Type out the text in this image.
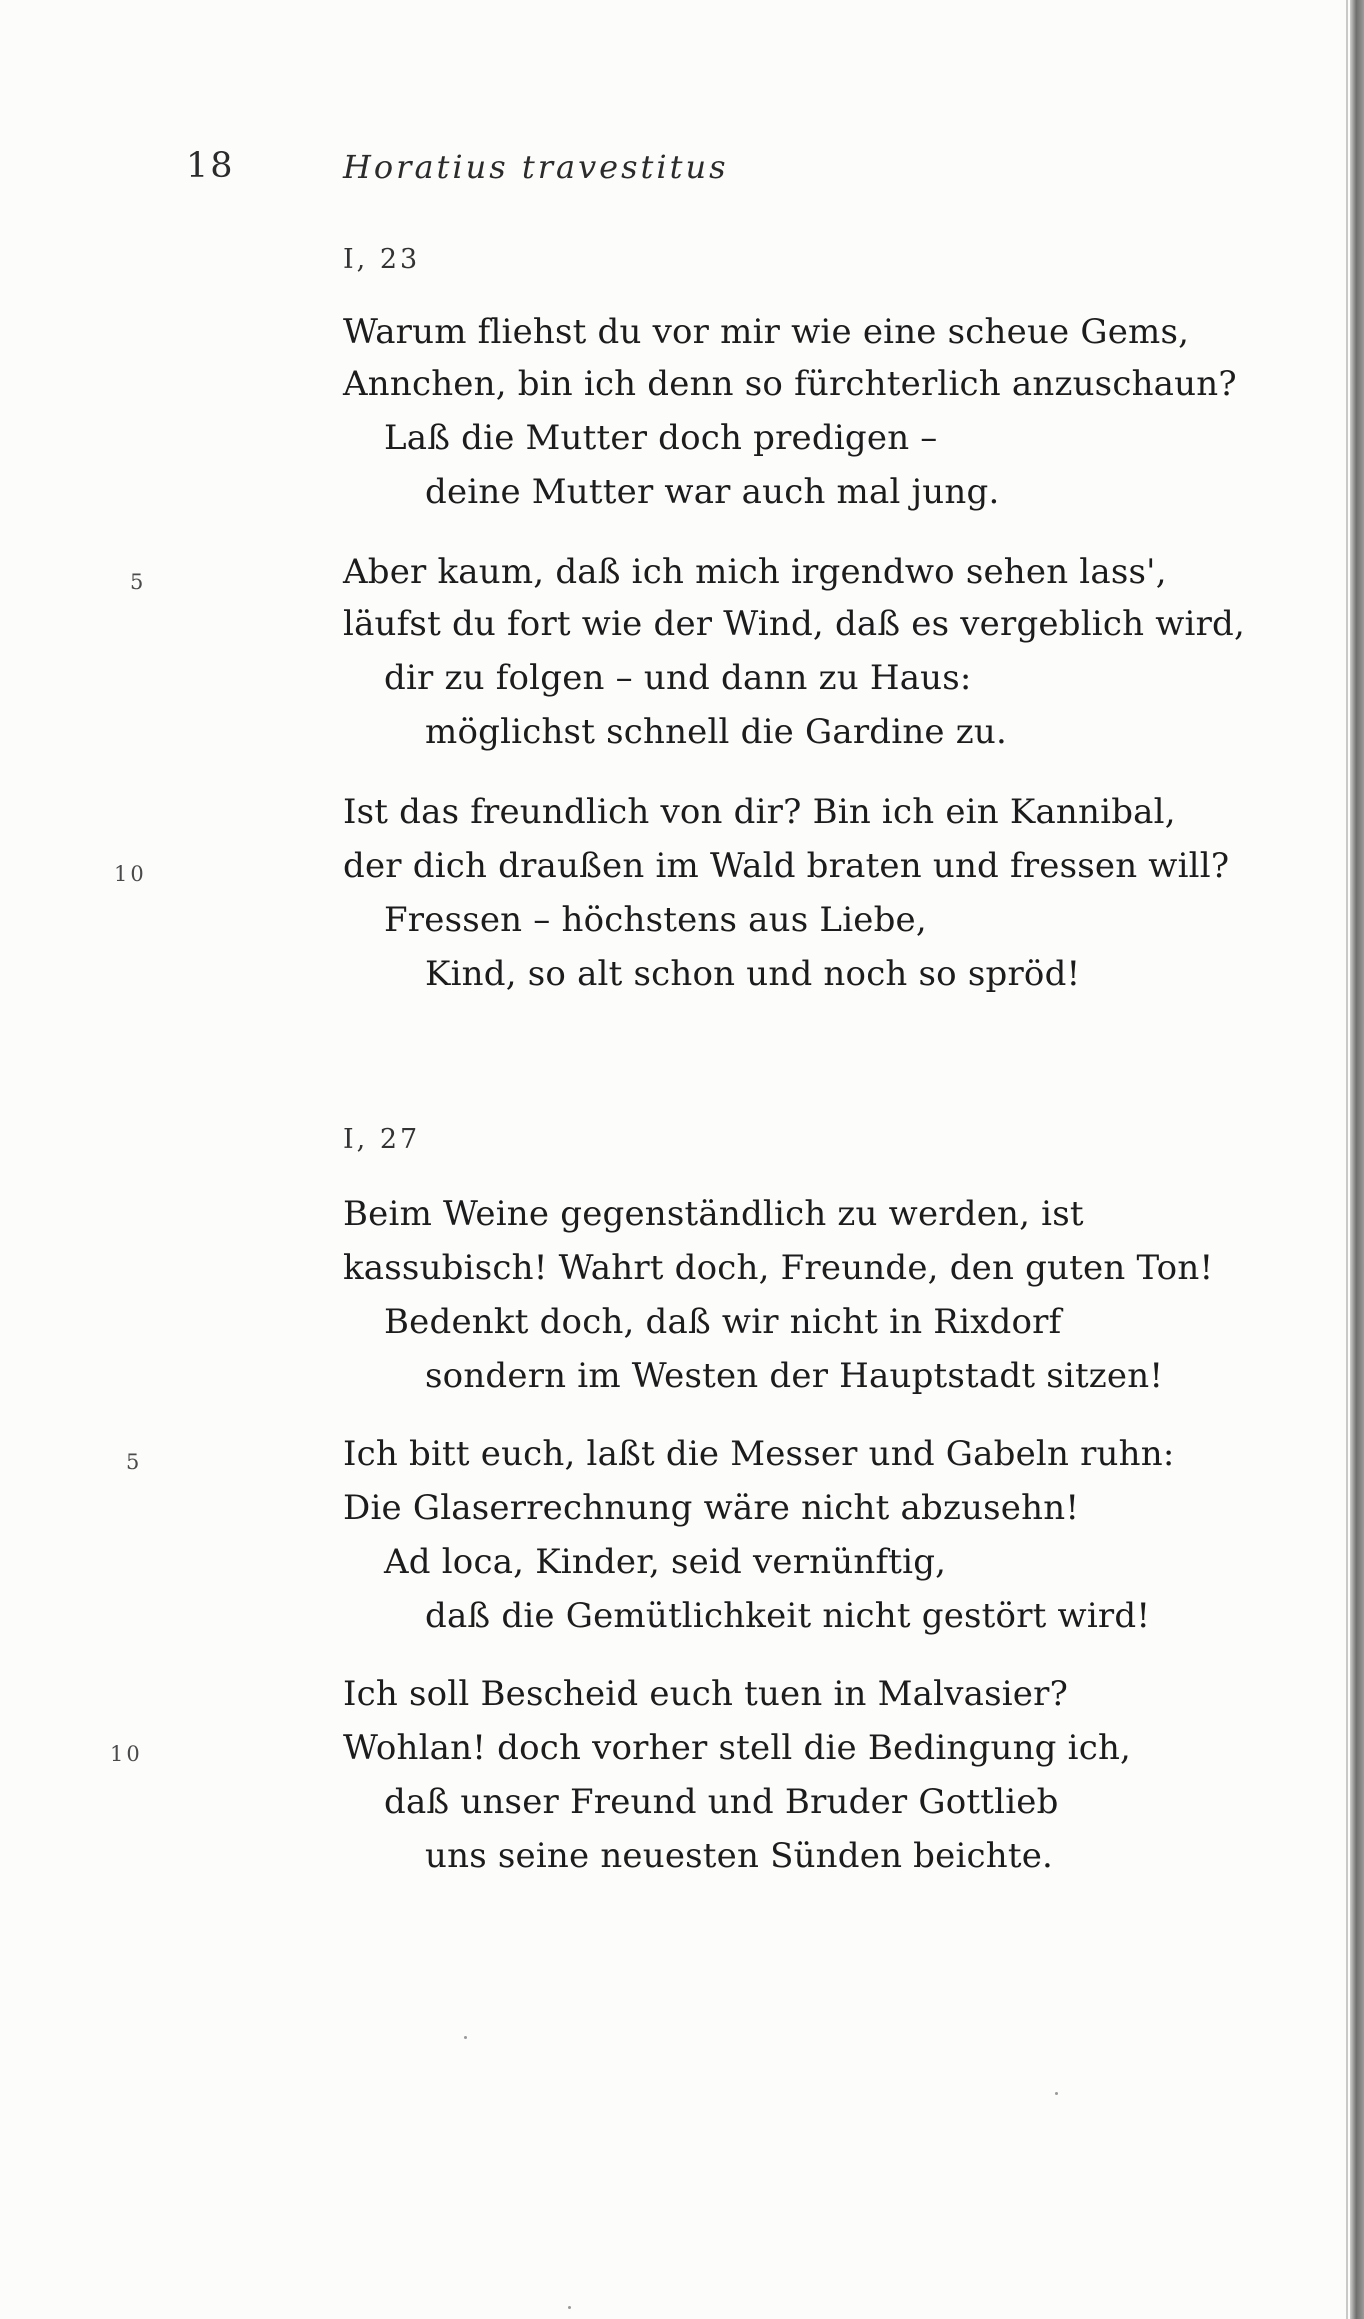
18	Horatius travestitus
I, 23
Warum fliehst du vor mir wie eine scheue Gems,
Annchen, bin ich denn so fürchterlich anzuschaun?
Laß die Mutter doch predigen –
deine Mutter war auch mal jung.
5	Aber kaum, daß ich mich irgendwo sehen lass',
läufst du fort wie der Wind, daß es vergeblich wird,
dir zu folgen – und dann zu Haus:
möglichst schnell die Gardine zu.
Ist das freundlich von dir? Bin ich ein Kannibal,
10	der dich draußen im Wald braten und fressen will?
Fressen – höchstens aus Liebe,
Kind, so alt schon und noch so spröd!
I, 27
Beim Weine gegenständlich zu werden, ist
kassubisch! Wahrt doch, Freunde, den guten Ton!
Bedenkt doch, daß wir nicht in Rixdorf
sondern im Westen der Hauptstadt sitzen!
5	Ich bitt euch, laßt die Messer und Gabeln ruhn:
Die Glaserrechnung wäre nicht abzusehn!
Ad loca, Kinder, seid vernünftig,
daß die Gemütlichkeit nicht gestört wird!
Ich soll Bescheid euch tuen in Malvasier?
10	Wohlan! doch vorher stell die Bedingung ich,
daß unser Freund und Bruder Gottlieb
uns seine neuesten Sünden beichte.
